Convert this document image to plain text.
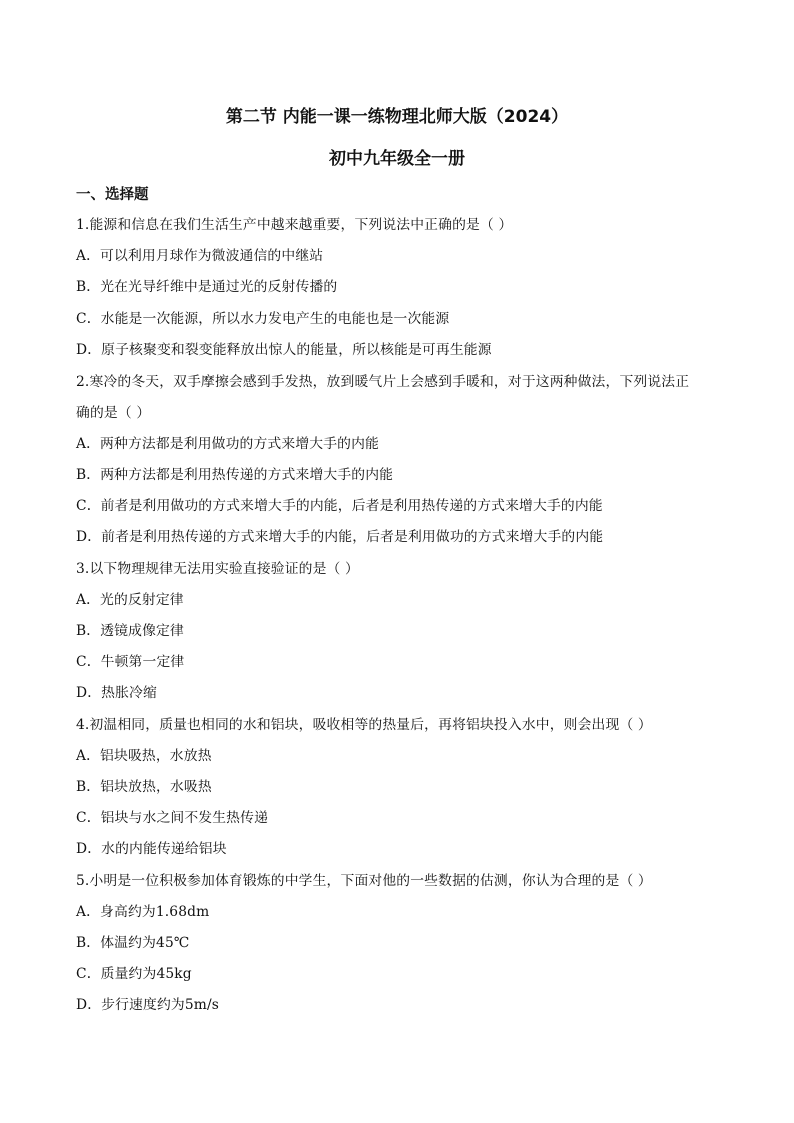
第二节 内能一课一练物理北师大版（2024）
初中九年级全一册
一、选择题
1.能源和信息在我们生活生产中越来越重要，下列说法中正确的是（ ）
A．可以利用月球作为微波通信的中继站
B．光在光导纤维中是通过光的反射传播的
C．水能是一次能源，所以水力发电产生的电能也是一次能源
D．原子核聚变和裂变能释放出惊人的能量，所以核能是可再生能源
2.寒冷的冬天，双手摩擦会感到手发热，放到暖气片上会感到手暖和，对于这两种做法，下列说法正
确的是（ ）
A．两种方法都是利用做功的方式来增大手的内能
B．两种方法都是利用热传递的方式来增大手的内能
C．前者是利用做功的方式来增大手的内能，后者是利用热传递的方式来增大手的内能
D．前者是利用热传递的方式来增大手的内能，后者是利用做功的方式来增大手的内能
3.以下物理规律无法用实验直接验证的是（ ）
A．光的反射定律
B．透镜成像定律
C．牛顿第一定律
D．热胀冷缩
4.初温相同，质量也相同的水和铝块，吸收相等的热量后，再将铝块投入水中，则会出现（ ）
A．铝块吸热，水放热
B．铝块放热，水吸热
C．铝块与水之间不发生热传递
D．水的内能传递给铝块
5.小明是一位积极参加体育锻炼的中学生，下面对他的一些数据的估测，你认为合理的是（ ）
A．身高约为1.68dm
B．体温约为45℃
C．质量约为45kg
D．步行速度约为5m/s
